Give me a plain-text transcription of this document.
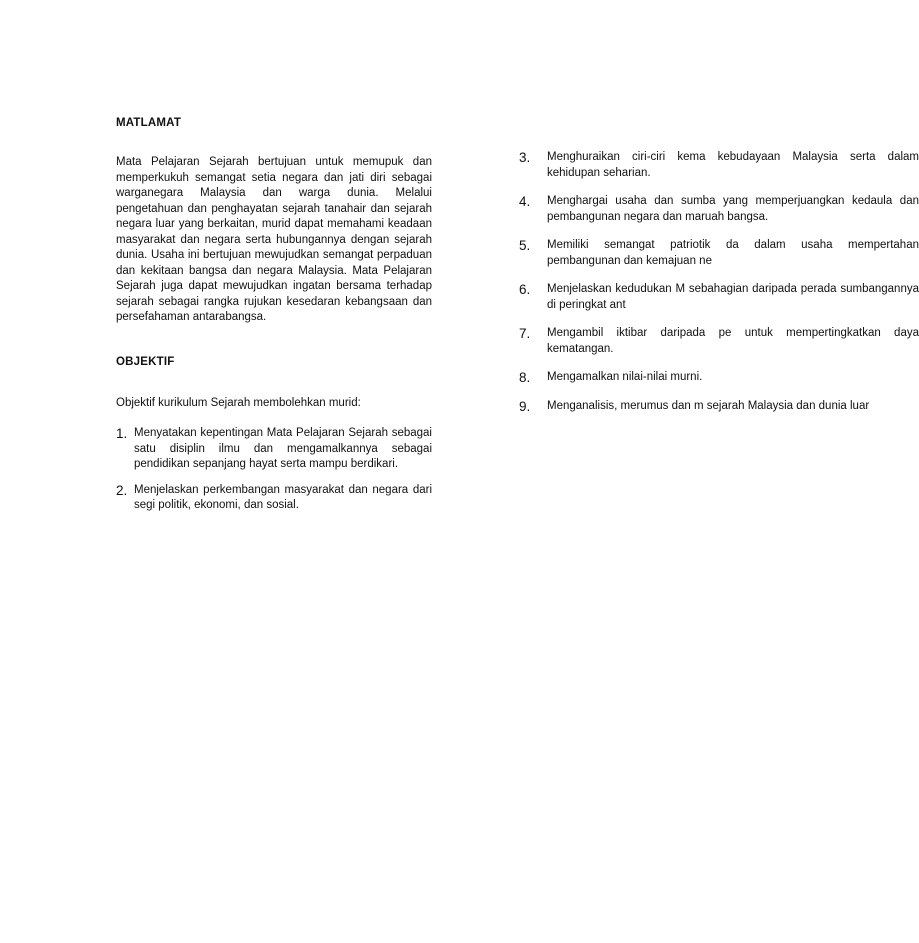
MATLAMAT

Mata Pelajaran Sejarah bertujuan untuk memupuk dan memperkukuh semangat setia negara dan jati diri sebagai warganegara Malaysia dan warga dunia. Melalui pengetahuan dan penghayatan sejarah tanahair dan sejarah negara luar yang berkaitan, murid dapat memahami keadaan masyarakat dan negara serta hubungannya dengan sejarah dunia. Usaha ini bertujuan mewujudkan semangat perpaduan dan kekitaan bangsa dan negara Malaysia. Mata Pelajaran Sejarah juga dapat mewujudkan ingatan bersama terhadap sejarah sebagai rangka rujukan kesedaran kebangsaan dan persefahaman antarabangsa.

OBJEKTIF

Objektif kurikulum Sejarah membolehkan murid:

1. Menyatakan kepentingan Mata Pelajaran Sejarah sebagai satu disiplin ilmu dan mengamalkannya sebagai pendidikan sepanjang hayat serta mampu berdikari.
2. Menjelaskan perkembangan masyarakat dan negara dari segi politik, ekonomi, dan sosial.
3.	Menghuraikan ciri-ciri kema kebudayaan Malaysia serta dalam kehidupan seharian.
4.	Menghargai usaha dan sumba yang memperjuangkan kedaula dan pembangunan negara dan maruah bangsa.
5.	Memiliki semangat patriotik da dalam usaha mempertahan pembangunan dan kemajuan ne
6.	Menjelaskan kedudukan M sebahagian daripada perada sumbangannya di peringkat ant
7.	Mengambil iktibar daripada pe untuk mempertingkatkan daya kematangan.
8.	Mengamalkan nilai-nilai murni.
9.	Menganalisis, merumus dan m sejarah Malaysia dan dunia luar
